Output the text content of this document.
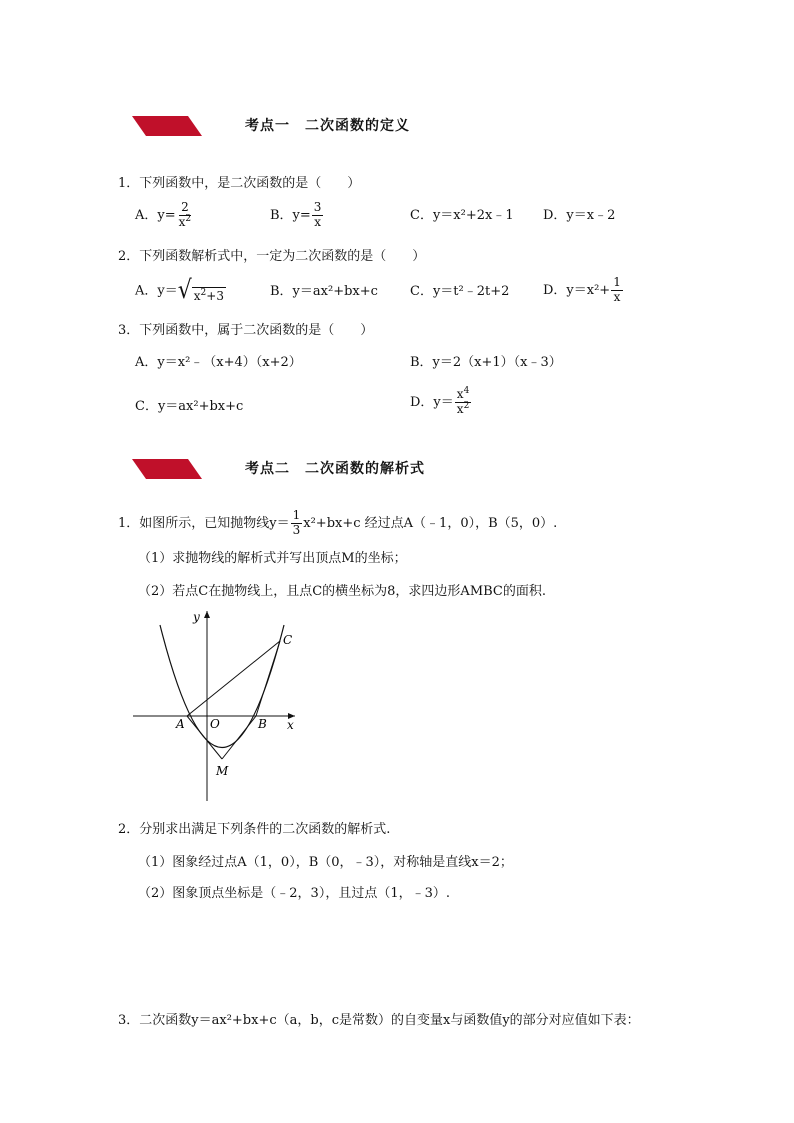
考点一　二次函数的定义
1．下列函数中，是二次函数的是（　　）
A．$y= \frac{2}{x^2}$	B．$y= \frac{3}{x}$	C．y＝x²+2x﹣1 D．y＝x﹣2
2．下列函数解析式中，一定为二次函数的是（　　）
A．y＝ √ $x^2+3$	B．y＝ax²+bx+c C．y＝t²﹣2t+2	D．$y=x^2+ \frac{1}{x}$
3．下列函数中，属于二次函数的是（　　）
A．y＝x²﹣（x+4）（x+2）	B．y＝2（x+1）（x﹣3）
C．y＝ax²+bx+c	D．$y= \frac{x^4}{x^2}$
考点二　二次函数的解析式
1．如图所示，已知抛物线$y= \frac{1}{3} x^2+bx+c$ 经过点A（﹣1，0），B（5，0）.
（1）求抛物线的解析式并写出顶点M的坐标；
（2）若点C在抛物线上，且点C的横坐标为8，求四边形AMBC的面积.
y
x
A O	B
C
M
2．分别求出满足下列条件的二次函数的解析式.
（1）图象经过点A（1，0），B（0，﹣3），对称轴是直线x＝2；
（2）图象顶点坐标是（﹣2，3），且过点（1，﹣3）.
3．二次函数y＝ax²+bx+c（a，b，c是常数）的自变量x与函数值y的部分对应值如下表：
